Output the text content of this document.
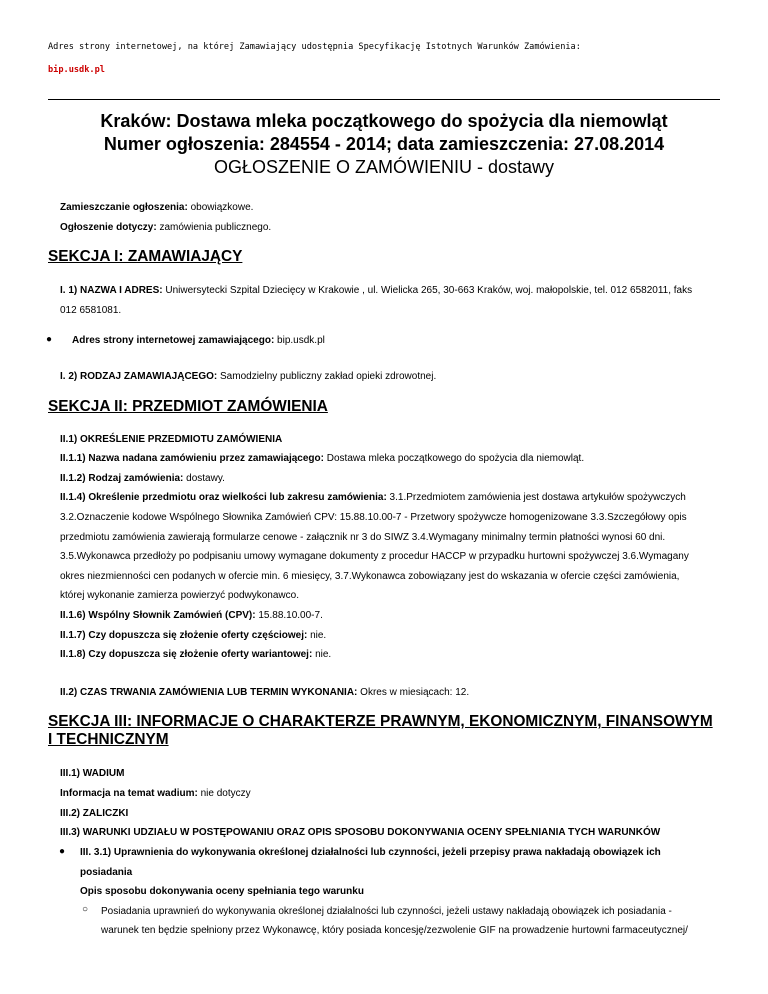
Adres strony internetowej, na której Zamawiający udostępnia Specyfikację Istotnych Warunków Zamówienia:
bip.usdk.pl
Kraków: Dostawa mleka początkowego do spożycia dla niemowląt
Numer ogłoszenia: 284554 - 2014; data zamieszczenia: 27.08.2014
OGŁOSZENIE O ZAMÓWIENIU - dostawy
Zamieszczanie ogłoszenia: obowiązkowe.
Ogłoszenie dotyczy: zamówienia publicznego.
SEKCJA I: ZAMAWIAJĄCY
I. 1) NAZWA I ADRES: Uniwersytecki Szpital Dziecięcy w Krakowie , ul. Wielicka 265, 30-663 Kraków, woj. małopolskie, tel. 012 6582011, faks
012 6581081.
● Adres strony internetowej zamawiającego: bip.usdk.pl
I. 2) RODZAJ ZAMAWIAJĄCEGO: Samodzielny publiczny zakład opieki zdrowotnej.
SEKCJA II: PRZEDMIOT ZAMÓWIENIA
II.1) OKREŚLENIE PRZEDMIOTU ZAMÓWIENIA
II.1.1) Nazwa nadana zamówieniu przez zamawiającego: Dostawa mleka początkowego do spożycia dla niemowląt.
II.1.2) Rodzaj zamówienia: dostawy.
II.1.4) Określenie przedmiotu oraz wielkości lub zakresu zamówienia: 3.1.Przedmiotem zamówienia jest dostawa artykułów spożywczych
3.2.Oznaczenie kodowe Wspólnego Słownika Zamówień CPV: 15.88.10.00-7 - Przetwory spożywcze homogenizowane 3.3.Szczegółowy opis
przedmiotu zamówienia zawierają formularze cenowe - załącznik nr 3 do SIWZ 3.4.Wymagany minimalny termin płatności wynosi 60 dni.
3.5.Wykonawca przedłoży po podpisaniu umowy wymagane dokumenty z procedur HACCP w przypadku hurtowni spożywczej 3.6.Wymagany
okres niezmienności cen podanych w ofercie min. 6 miesięcy, 3.7.Wykonawca zobowiązany jest do wskazania w ofercie części zamówienia,
której wykonanie zamierza powierzyć podwykonawco.
II.1.6) Wspólny Słownik Zamówień (CPV): 15.88.10.00-7.
II.1.7) Czy dopuszcza się złożenie oferty częściowej: nie.
II.1.8) Czy dopuszcza się złożenie oferty wariantowej: nie.
II.2) CZAS TRWANIA ZAMÓWIENIA LUB TERMIN WYKONANIA: Okres w miesiącach: 12.
SEKCJA III: INFORMACJE O CHARAKTERZE PRAWNYM, EKONOMICZNYM, FINANSOWYM
I TECHNICZNYM
III.1) WADIUM
Informacja na temat wadium: nie dotyczy
III.2) ZALICZKI
III.3) WARUNKI UDZIAŁU W POSTĘPOWANIU ORAZ OPIS SPOSOBU DOKONYWANIA OCENY SPEŁNIANIA TYCH WARUNKÓW
● III. 3.1) Uprawnienia do wykonywania określonej działalności lub czynności, jeżeli przepisy prawa nakładają obowiązek ich
posiadania
Opis sposobu dokonywania oceny spełniania tego warunku
○ Posiadania uprawnień do wykonywania określonej działalności lub czynności, jeżeli ustawy nakładają obowiązek ich posiadania -
warunek ten będzie spełniony przez Wykonawcę, który posiada koncesję/zezwolenie GIF na prowadzenie hurtowni farmaceutycznej/
